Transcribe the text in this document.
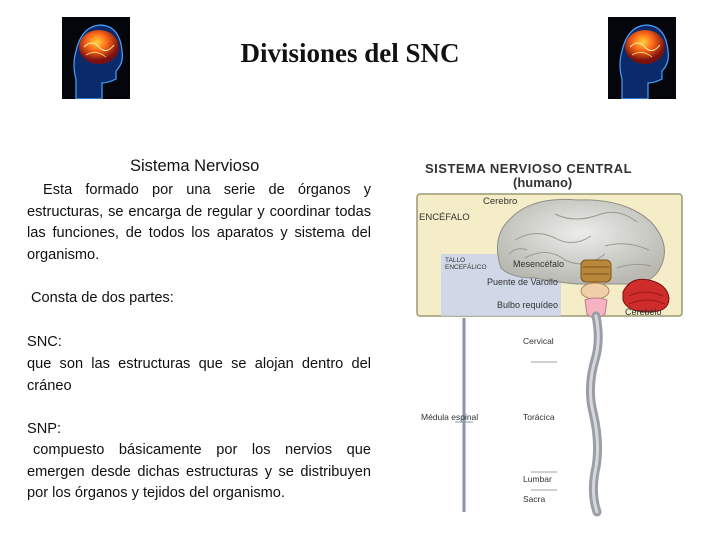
Divisiones del SNC
Sistema Nervioso
Esta formado por una serie de órganos y estructuras, se encarga de regular y coordinar todas las funciones, de todos los aparatos y sistema del organismo.
Consta de dos partes:
SNC:
que son las estructuras que se alojan dentro del cráneo
SNP:
compuesto básicamente por los nervios que emergen desde dichas estructuras y se distribuyen por los órganos y tejidos del organismo.
SISTEMA NERVIOSO CENTRAL
(humano)
Cerebro
ENCÉFALO
TALLO
ENCEFÁLICO	Mesencéfalo
Puente de Varollo
Bulbo requídeo
Cerebelo
Cervical
Médula espinal	Torácica
Lumbar
Sacra
